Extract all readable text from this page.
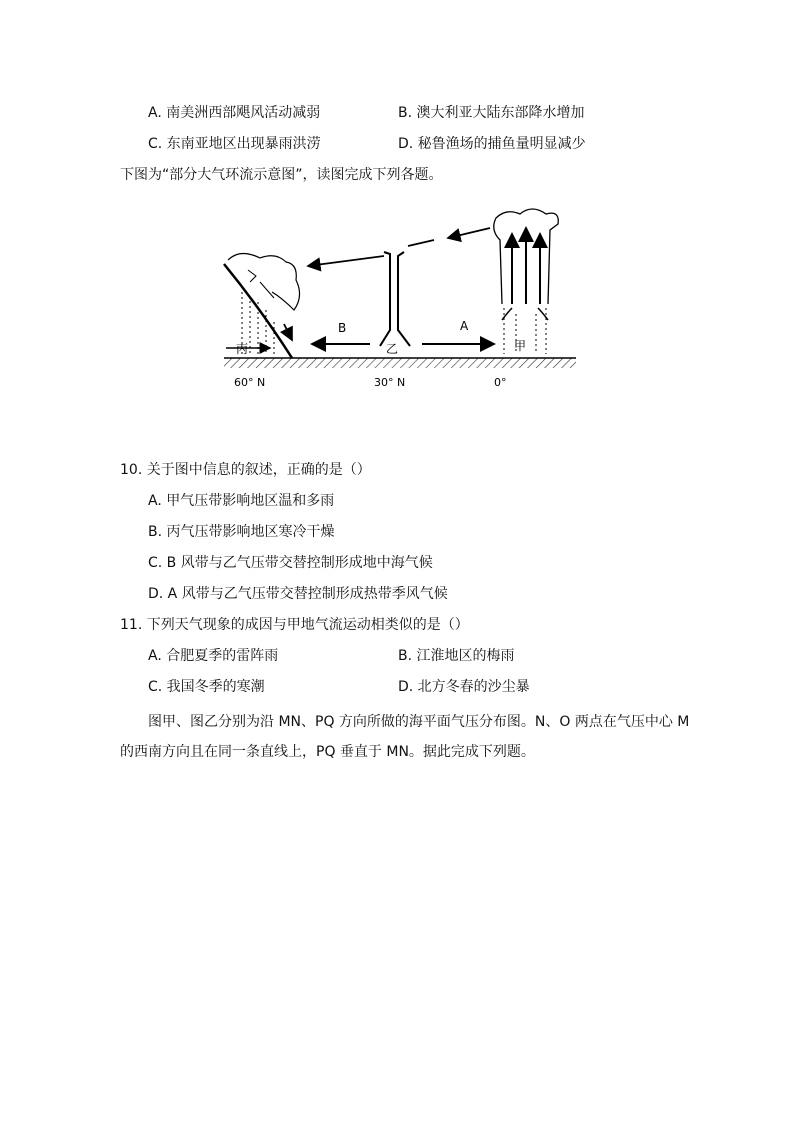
A. 南美洲西部飓风活动减弱	B. 澳大利亚大陆东部降水增加
C. 东南亚地区出现暴雨洪涝	D. 秘鲁渔场的捕鱼量明显减少
下图为“部分大气环流示意图”，读图完成下列各题。
B	A
丙	乙	甲
60° N	30° N	0°
10. 关于图中信息的叙述，正确的是（）
A. 甲气压带影响地区温和多雨
B. 丙气压带影响地区寒冷干燥
C. B 风带与乙气压带交替控制形成地中海气候
D. A 风带与乙气压带交替控制形成热带季风气候
11. 下列天气现象的成因与甲地气流运动相类似的是（）
A. 合肥夏季的雷阵雨	B. 江淮地区的梅雨
C. 我国冬季的寒潮	D. 北方冬春的沙尘暴
图甲、图乙分别为沿 MN、PQ 方向所做的海平面气压分布图。N、O 两点在气压中心 M
的西南方向且在同一条直线上，PQ 垂直于 MN。据此完成下列题。
